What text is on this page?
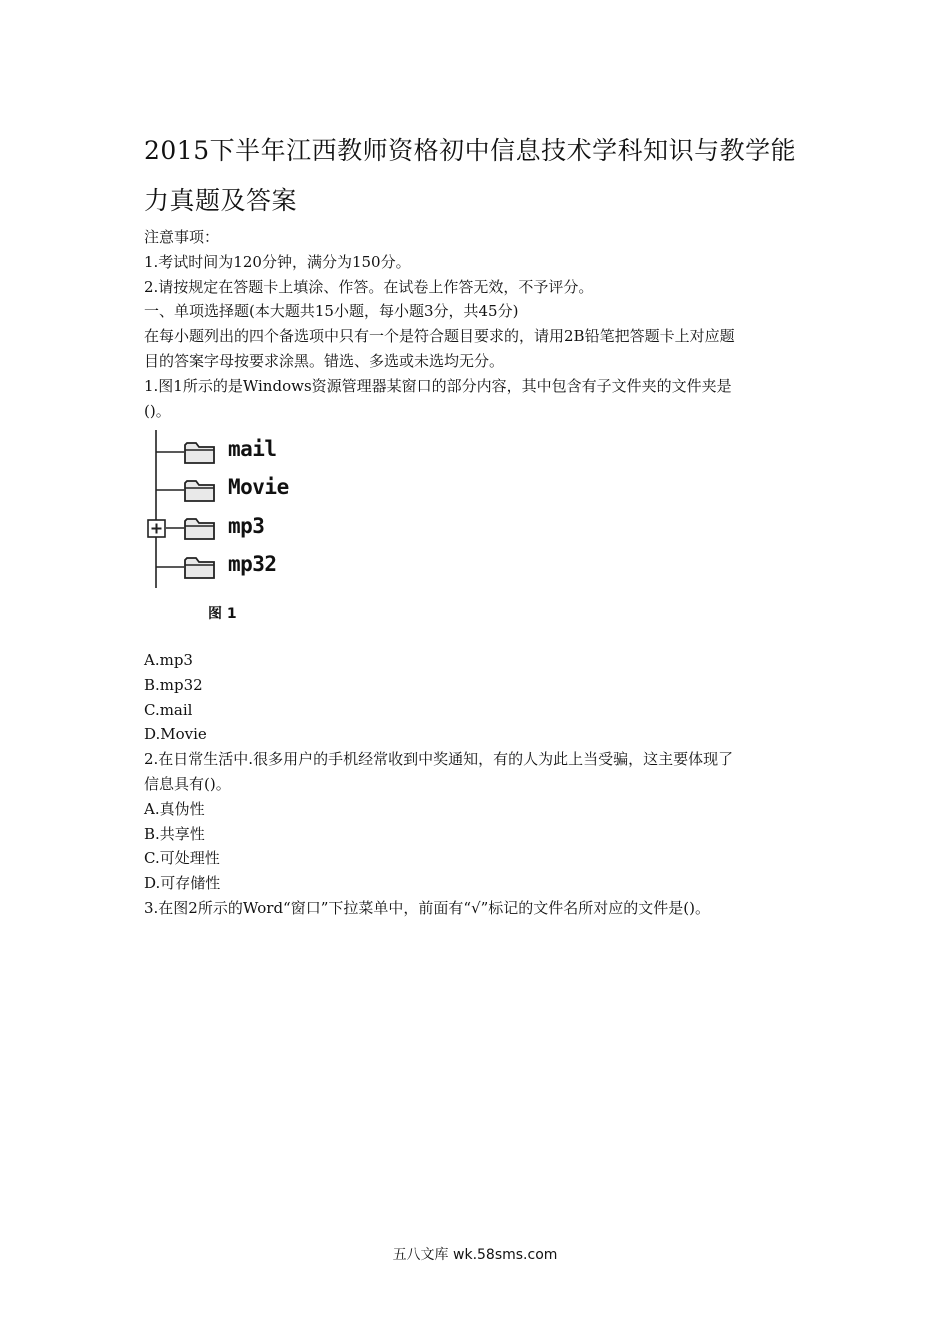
2015下半年江西教师资格初中信息技术学科知识与教学能
力真题及答案
注意事项：
1.考试时间为120分钟，满分为150分。
2.请按规定在答题卡上填涂、作答。在试卷上作答无效，不予评分。
一、单项选择题(本大题共15小题，每小题3分，共45分)
在每小题列出的四个备选项中只有一个是符合题目要求的，请用2B铅笔把答题卡上对应题
目的答案字母按要求涂黑。错选、多选或未选均无分。
1.图1所示的是Windows资源管理器某窗口的部分内容，其中包含有子文件夹的文件夹是
()。
mail
Movie
mp3
mp32
图 1
A.mp3
B.mp32
C.mail
D.Movie
2.在日常生活中.很多用户的手机经常收到中奖通知，有的人为此上当受骗，这主要体现了
信息具有()。
A.真伪性
B.共享性
C.可处理性
D.可存储性
3.在图2所示的Word“窗口”下拉菜单中，前面有“√”标记的文件名所对应的文件是()。
五八文库 wk.58sms.com
